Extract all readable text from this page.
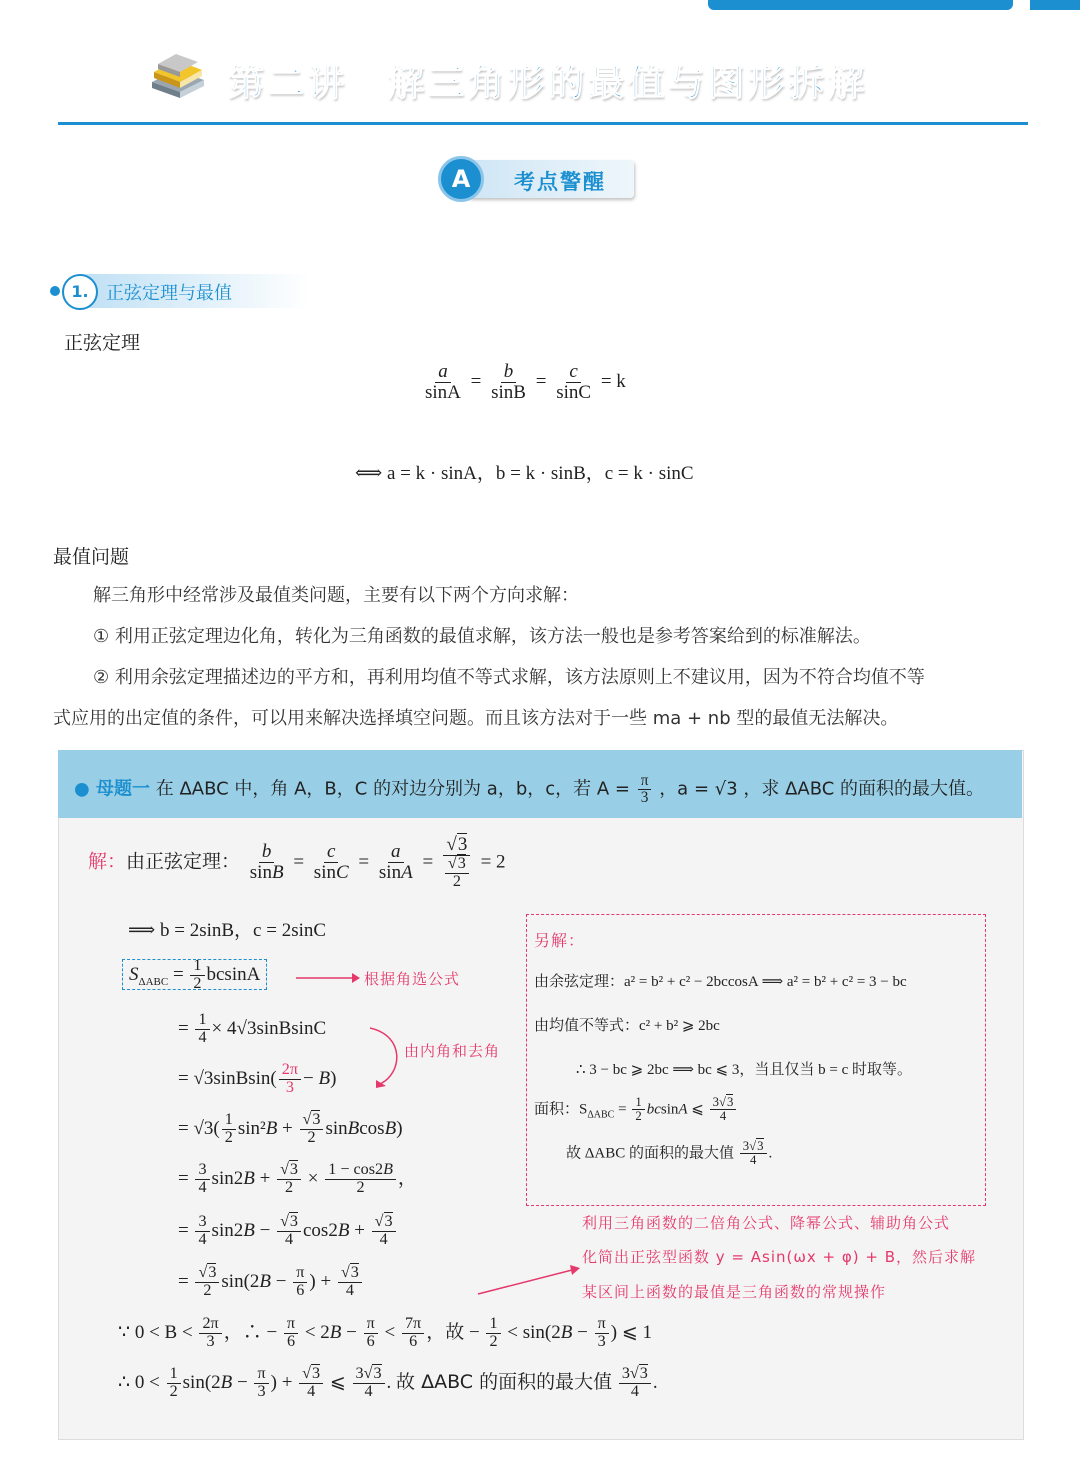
第二讲 解三角形的最值与图形拆解
A	考点警醒
1. 正弦定理与最值
正弦定理
$\frac{a}{\sin A} = \frac{b}{\sin B} = \frac{c}{\sin C} = k$
⟺ a = k · sinA，b = k · sinB，c = k · sinC
最值问题
解三角形中经常涉及最值类问题，主要有以下两个方向求解：
① 利用正弦定理边化角，转化为三角函数的最值求解，该方法一般也是参考答案给到的标准解法。
② 利用余弦定理描述边的平方和，再利用均值不等式求解，该方法原则上不建议用，因为不符合均值不等
式应用的出定值的条件，可以用来解决选择填空问题。而且该方法对于一些 ma + nb 型的最值无法解决。
● 母题一 在 ΔABC 中，角 A，B，C 的对边分别为 a，b，c，若 $A = \frac{\pi}{3}$ ，a = √3 ，求 ΔABC 的面积的最大值。
解：由正弦定理： $\frac{b}{\sin B} = \frac{c}{\sin C} = \frac{a}{\sin A} = \frac{√3}{\frac{√3}{2}} = 2$
⟹ b = 2sinB，c = 2sinC
$S_{\Delta ABC} = \frac{1}{2}$ bcsinA	根据角选公式
= $\frac{1}{4}$ × 4√3sinBsinC
由内角和去角
= √3sinBsin( $\frac{2\pi}{3} - B$)
= $√3( \frac{1}{2} \sin^2B + \frac{√3}{2}$ sinBcosB)
= $\frac{3}{4} \sin 2B + \frac{√3}{2} \times \frac{1 - \cos 2B}{2}$ ，
= $\frac{3}{4} \sin 2B - \frac{√3}{4} \cos 2B + \frac{√3}{4}$
= $\frac{√3}{2} \sin(2B - \frac{\pi}{6}$ ) + $\frac{√3}{4}$
利用三角函数的二倍角公式、降幂公式、辅助角公式
化简出正弦型函数 y = Asin(ωx + φ) + B，然后求解
某区间上函数的最值是三角函数的常规操作
∵ $0 < B < \frac{2\pi}{3}$ ，∴ − $\frac{\pi}{6} < 2B - \frac{\pi}{6} < \frac{7\pi}{6}$ ，故 − $\frac{1}{2} < \sin(2B - \frac{\pi}{3}$ ) ⩽ 1
∴ $0 < \frac{1}{2} \sin(2B - \frac{\pi}{3}$ ) + $\frac{√3}{4}$ ⩽ $\frac{3√3}{4}$ . 故 ΔABC 的面积的最大值 $\frac{3√3}{4}$ .
另解：
由余弦定理：a² = b² + c² − 2bccosA ⟹ a² = b² + c² = 3 − bc
由均值不等式：c² + b² ⩾ 2bc
∴ 3 − bc ⩾ 2bc ⟹ bc ⩽ 3，当且仅当 b = c 时取等。
面积：$S_{\Delta ABC} = \frac{1}{2}$ bcsinA ⩽ $\frac{3√3}{4}$
故 ΔABC 的面积的最大值 $\frac{3√3}{4}$ .
